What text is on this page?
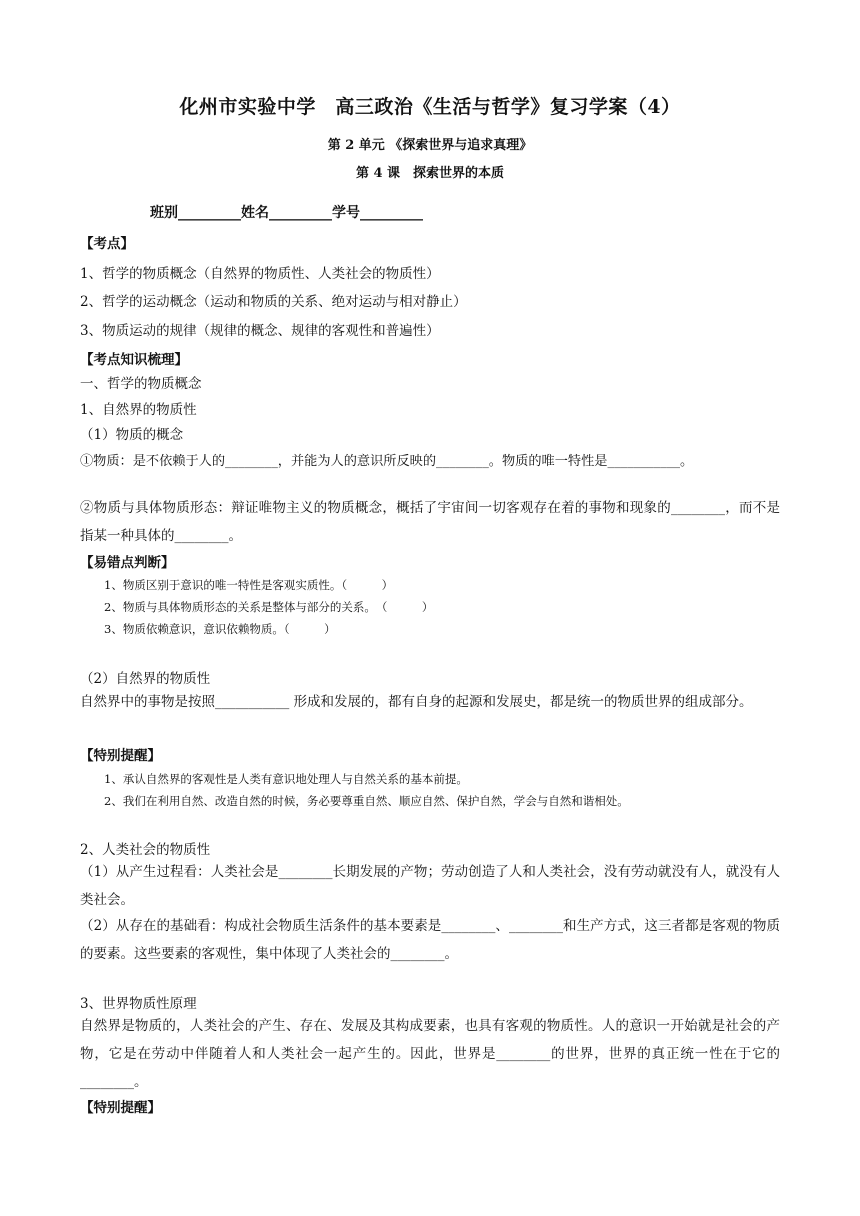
化州市实验中学　高三政治《生活与哲学》复习学案（4）
第 2 单元 《探索世界与追求真理》
第 4 课　探索世界的本质
班别_________姓名_________学号_________
【考点】
1、哲学的物质概念（自然界的物质性、人类社会的物质性）
2、哲学的运动概念（运动和物质的关系、绝对运动与相对静止）
3、物质运动的规律（规律的概念、规律的客观性和普遍性）
【考点知识梳理】
一、哲学的物质概念
1、自然界的物质性
（1）物质的概念
①物质：是不依赖于人的________，并能为人的意识所反映的________。物质的唯一特性是___________。
②物质与具体物质形态：辩证唯物主义的物质概念，概括了宇宙间一切客观存在着的事物和现象的________，而不是指某一种具体的________。
【易错点判断】
1、物质区别于意识的唯一特性是客观实质性。（　　　）
2、物质与具体物质形态的关系是整体与部分的关系。　（　　　）
3、物质依赖意识，意识依赖物质。（　　　）
（2）自然界的物质性
自然界中的事物是按照___________ 形成和发展的，都有自身的起源和发展史，都是统一的物质世界的组成部分。
【特别提醒】
1、承认自然界的客观性是人类有意识地处理人与自然关系的基本前提。
2、我们在利用自然、改造自然的时候，务必要尊重自然、顺应自然、保护自然，学会与自然和谐相处。
2、人类社会的物质性
（1）从产生过程看：人类社会是________长期发展的产物；劳动创造了人和人类社会，没有劳动就没有人，就没有人类社会。
（2）从存在的基础看：构成社会物质生活条件的基本要素是________、________和生产方式，这三者都是客观的物质的要素。这些要素的客观性，集中体现了人类社会的________。
3、世界物质性原理
自然界是物质的，人类社会的产生、存在、发展及其构成要素，也具有客观的物质性。人的意识一开始就是社会的产物，它是在劳动中伴随着人和人类社会一起产生的。因此，世界是________的世界，世界的真正统一性在于它的________。
【特别提醒】
